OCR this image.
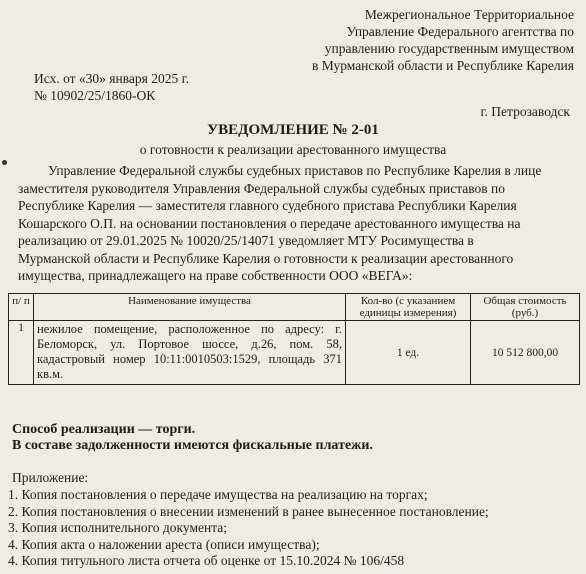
Межрегиональное Территориальное
Управление Федерального агентства по
управлению государственным имуществом
в Мурманской области и Республике Карелия
Исх. от «30» января 2025 г.
№ 10902/25/1860-ОК
г. Петрозаводск
УВЕДОМЛЕНИЕ № 2-01
о готовности к реализации арестованного имущества
Управление Федеральной службы судебных приставов по Республике Карелия в лице
заместителя руководителя Управления Федеральной службы судебных приставов по
Республике Карелия — заместителя главного судебного пристава Республики Карелия
Кошарского О.П. на основании постановления о передаче арестованного имущества на
реализацию от 29.01.2025 № 10020/25/14071 уведомляет МТУ Росимущества в
Мурманской области и Республике Карелия о готовности к реализации арестованного
имущества, принадлежащего на праве собственности ООО «ВЕГА»:
п/ п	Наименование имущества	Кол-во (с указанием единицы измерения)	Общая стоимость (руб.)
1	нежилое помещение, расположенное по адресу: г. Беломорск, ул. Портовое шоссе, д.26, пом. 58, кадастровый номер 10:11:0010503:1529, площадь 371 кв.м.	1 ед.	10 512 800,00
Способ реализации — торги.
В составе задолженности имеются фискальные платежи.
Приложение:
1. Копия постановления о передаче имущества на реализацию на торгах;
2. Копия постановления о внесении изменений в ранее вынесенное постановление;
3. Копия исполнительного документа;
4. Копия акта о наложении ареста (описи имущества);
4. Копия титульного листа отчета об оценке от 15.10.2024 № 106/458
